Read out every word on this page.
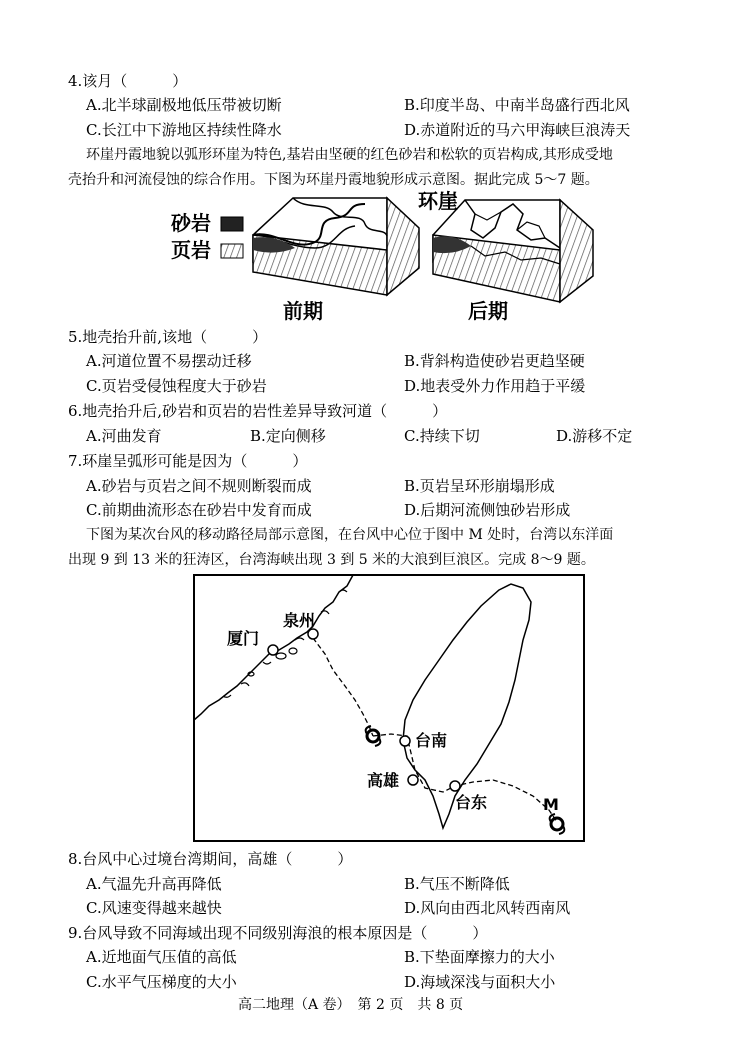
4.该月（　　　）
A.北半球副极地低压带被切断	B.印度半岛、中南半岛盛行西北风
C.长江中下游地区持续性降水	D.赤道附近的马六甲海峡巨浪涛天
环崖丹霞地貌以弧形环崖为特色,基岩由坚硬的红色砂岩和松软的页岩构成,其形成受地
壳抬升和河流侵蚀的综合作用。下图为环崖丹霞地貌形成示意图。据此完成 5～7 题。
砂岩
页岩
环崖
前期	后期
5.地壳抬升前,该地（　　　）
A.河道位置不易摆动迁移	B.背斜构造使砂岩更趋坚硬
C.页岩受侵蚀程度大于砂岩	D.地表受外力作用趋于平缓
6.地壳抬升后,砂岩和页岩的岩性差异导致河道（　　　）
A.河曲发育	B.定向侧移	C.持续下切	D.游移不定
7.环崖呈弧形可能是因为（　　　）
A.砂岩与页岩之间不规则断裂而成	B.页岩呈环形崩塌形成
C.前期曲流形态在砂岩中发育而成	D.后期河流侧蚀砂岩形成
下图为某次台风的移动路径局部示意图，在台风中心位于图中 M 处时，台湾以东洋面
出现 9 到 13 米的狂涛区，台湾海峡出现 3 到 5 米的大浪到巨浪区。完成 8～9 题。
泉州
厦门
台南
高雄
台东	M
8.台风中心过境台湾期间，高雄（　　　）
A.气温先升高再降低	B.气压不断降低
C.风速变得越来越快	D.风向由西北风转西南风
9.台风导致不同海域出现不同级别海浪的根本原因是（　　　）
A.近地面气压值的高低	B.下垫面摩擦力的大小
C.水平气压梯度的大小	D.海域深浅与面积大小
高二地理（A 卷）　第 2 页　共 8 页
